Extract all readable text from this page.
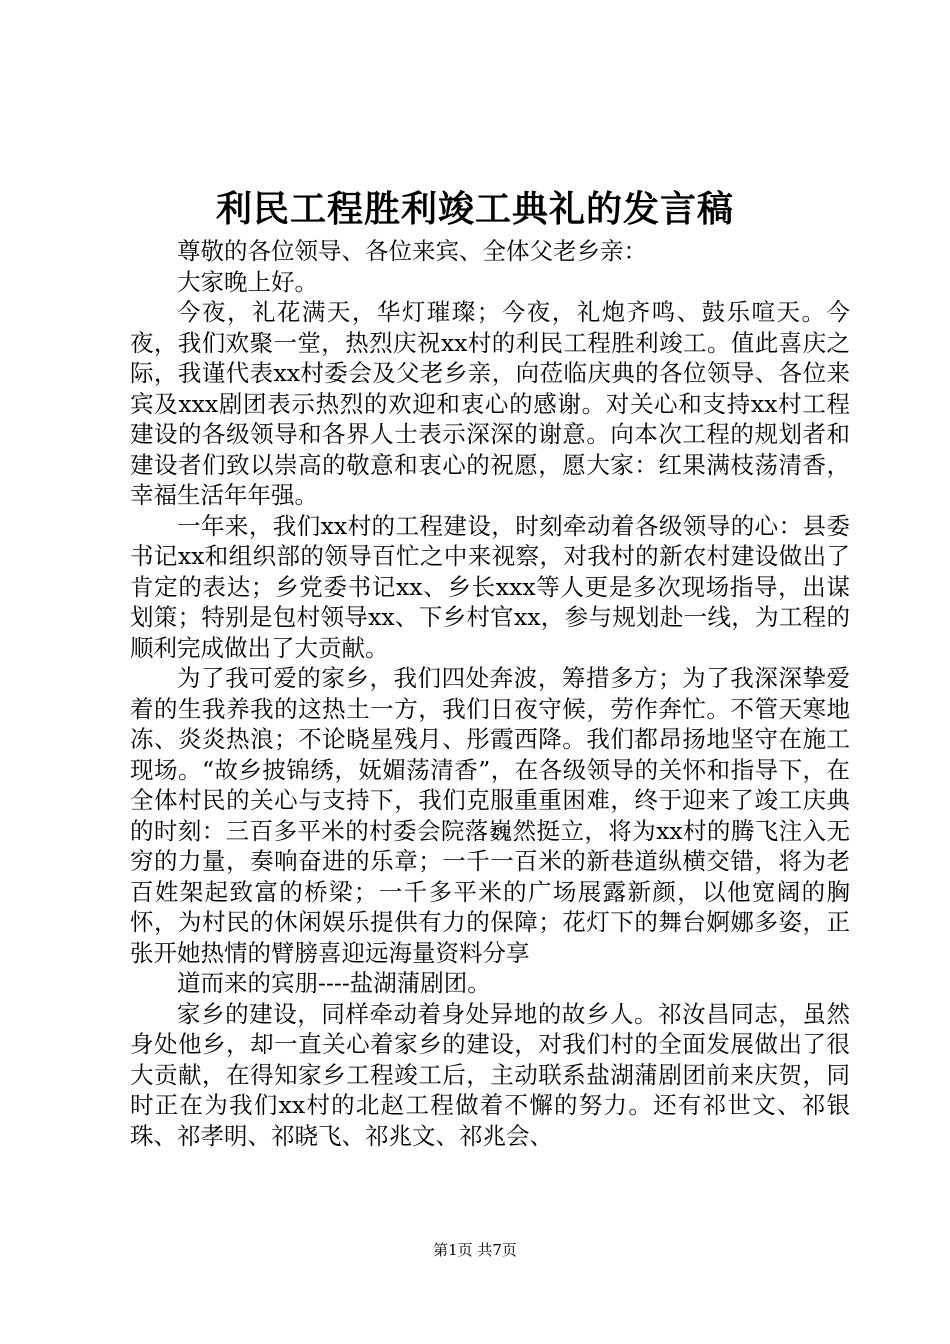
利民工程胜利竣工典礼的发言稿

尊敬的各位领导、各位来宾、全体父老乡亲：

大家晚上好。

今夜，礼花满天，华灯璀璨；今夜，礼炮齐鸣、鼓乐喧天。今夜，我们欢聚一堂，热烈庆祝xx村的利民工程胜利竣工。值此喜庆之际，我谨代表xx村委会及父老乡亲，向莅临庆典的各位领导、各位来宾及xxx剧团表示热烈的欢迎和衷心的感谢。对关心和支持xx村工程建设的各级领导和各界人士表示深深的谢意。向本次工程的规划者和建设者们致以崇高的敬意和衷心的祝愿，愿大家：红果满枝荡清香，幸福生活年年强。

一年来，我们xx村的工程建设，时刻牵动着各级领导的心：县委书记xx和组织部的领导百忙之中来视察，对我村的新农村建设做出了肯定的表达；乡党委书记xx、乡长xxx等人更是多次现场指导，出谋划策；特别是包村领导xx、下乡村官xx，参与规划赴一线，为工程的顺利完成做出了大贡献。

为了我可爱的家乡，我们四处奔波，筹措多方；为了我深深挚爱着的生我养我的这热土一方，我们日夜守候，劳作奔忙。不管天寒地冻、炎炎热浪；不论晓星残月、彤霞西降。我们都昂扬地坚守在施工现场。“故乡披锦绣，妩媚荡清香”，在各级领导的关怀和指导下，在全体村民的关心与支持下，我们克服重重困难，终于迎来了竣工庆典的时刻：三百多平米的村委会院落巍然挺立，将为xx村的腾飞注入无穷的力量，奏响奋进的乐章；一千一百米的新巷道纵横交错，将为老百姓架起致富的桥梁；一千多平米的广场展露新颜，以他宽阔的胸怀，为村民的休闲娱乐提供有力的保障；花灯下的舞台婀娜多姿，正张开她热情的臂膀喜迎远海量资料分享

道而来的宾朋----盐湖蒲剧团。

家乡的建设，同样牵动着身处异地的故乡人。祁汝昌同志，虽然身处他乡，却一直关心着家乡的建设，对我们村的全面发展做出了很大贡献，在得知家乡工程竣工后，主动联系盐湖蒲剧团前来庆贺，同时正在为我们xx村的北赵工程做着不懈的努力。还有祁世文、祁银珠、祁孝明、祁晓飞、祁兆文、祁兆会、

第1页 共7页
